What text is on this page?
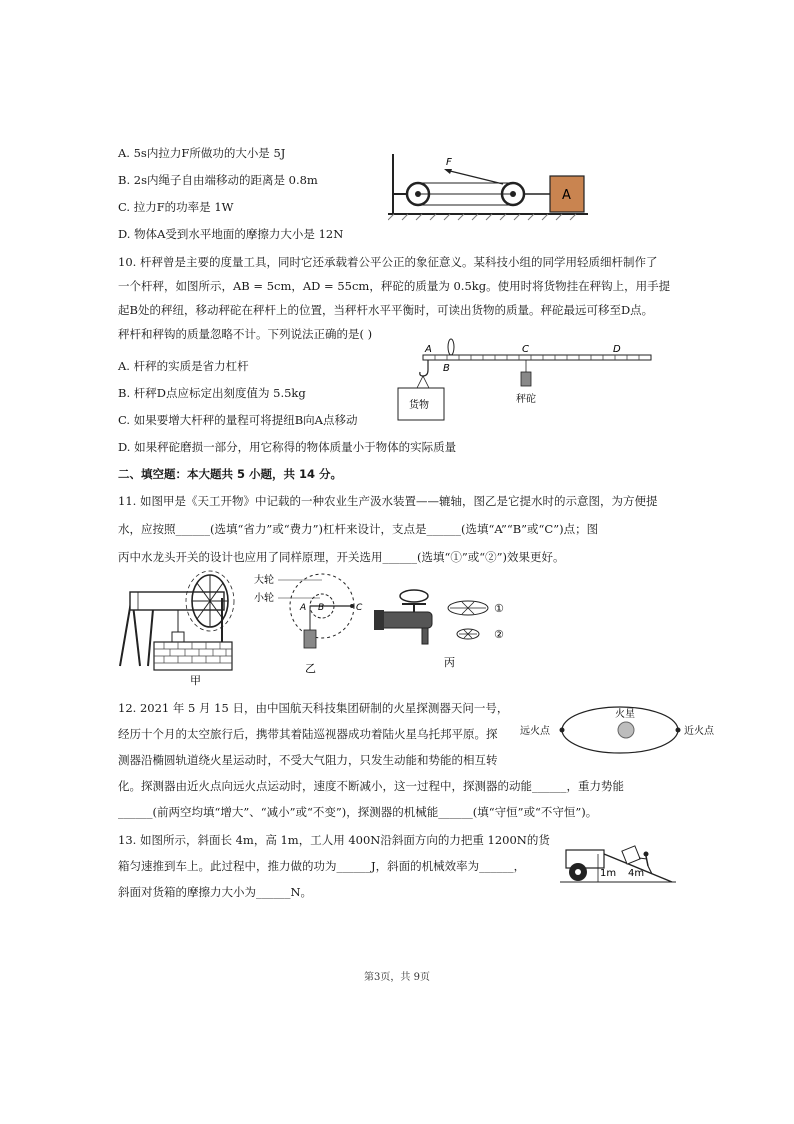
A. 5s内拉力F所做功的大小是 5J
B. 2s内绳子自由端移动的距离是 0.8m
C. 拉力F的功率是 1W
D. 物体A受到水平地面的摩擦力大小是 12N
F
A
10. 杆秤曾是主要的度量工具，同时它还承载着公平公正的象征意义。某科技小组的同学用轻质细杆制作了
一个杆秤，如图所示，AB = 5cm，AD = 55cm，秤砣的质量为 0.5kg。使用时将货物挂在秤钩上，用手提
起B处的秤纽，移动秤砣在秤杆上的位置，当秤杆水平平衡时，可读出货物的质量。秤砣最远可移至D点。
秤杆和秤钩的质量忽略不计。下列说法正确的是( )
A. 杆秤的实质是省力杠杆
B. 杆秤D点应标定出刻度值为 5.5kg
C. 如果要增大杆秤的量程可将提纽B向A点移动
D. 如果秤砣磨损一部分，用它称得的物体质量小于物体的实际质量
A
B
C	D
货物
秤砣
二、填空题：本大题共 5 小题，共 14 分。
11. 如图甲是《天工开物》中记载的一种农业生产汲水装置——辘轴，图乙是它提水时的示意图，为方便提
水，应按照______(选填“省力”或“费力”)杠杆来设计，支点是______(选填“A”“B”或“C”)点；图
丙中水龙头开关的设计也应用了同样原理，开关选用______(选填“①”或“②”)效果更好。
甲
大轮
小轮
A B	C
乙
①
②
丙
12. 2021 年 5 月 15 日，由中国航天科技集团研制的火星探测器天问一号，
经历十个月的太空旅行后，携带其着陆巡视器成功着陆火星乌托邦平原。探
测器沿椭圆轨道绕火星运动时，不受大气阻力，只发生动能和势能的相互转
化。探测器由近火点向远火点运动时，速度不断减小，这一过程中，探测器的动能______，重力势能
______(前两空均填“增大”、“减小”或“不变”)，探测器的机械能______(填“守恒”或“不守恒”)。
火星
远火点	近火点
13. 如图所示，斜面长 4m，高 1m，工人用 400N沿斜面方向的力把重 1200N的货
箱匀速推到车上。此过程中，推力做的功为______J，斜面的机械效率为______，
斜面对货箱的摩擦力大小为______N。
1m 4m
第3页，共 9页
